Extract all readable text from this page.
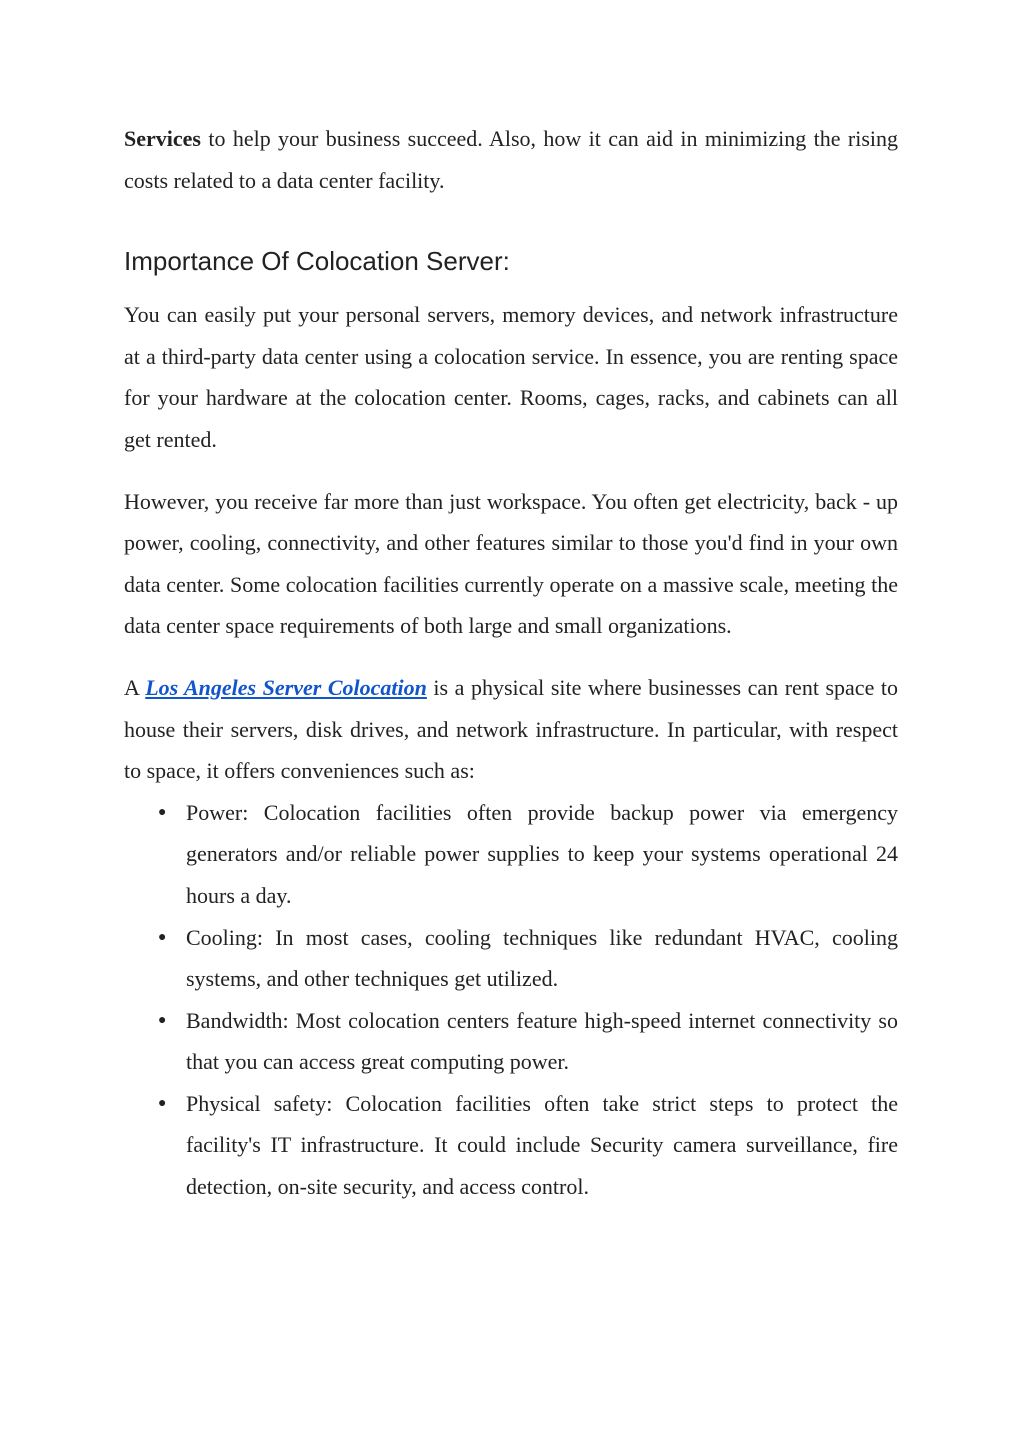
Services to help your business succeed. Also, how it can aid in minimizing the rising costs related to a data center facility.

Importance Of Colocation Server:

You can easily put your personal servers, memory devices, and network infrastructure at a third-party data center using a colocation service. In essence, you are renting space for your hardware at the colocation center. Rooms, cages, racks, and cabinets can all get rented.

However, you receive far more than just workspace. You often get electricity, back - up power, cooling, connectivity, and other features similar to those you'd find in your own data center. Some colocation facilities currently operate on a massive scale, meeting the data center space requirements of both large and small organizations.

A Los Angeles Server Colocation is a physical site where businesses can rent space to house their servers, disk drives, and network infrastructure. In particular, with respect to space, it offers conveniences such as:

● Power: Colocation facilities often provide backup power via emergency generators and/or reliable power supplies to keep your systems operational 24 hours a day.
● Cooling: In most cases, cooling techniques like redundant HVAC, cooling systems, and other techniques get utilized.
● Bandwidth: Most colocation centers feature high-speed internet connectivity so that you can access great computing power.
● Physical safety: Colocation facilities often take strict steps to protect the facility's IT infrastructure. It could include Security camera surveillance, fire detection, on-site security, and access control.
